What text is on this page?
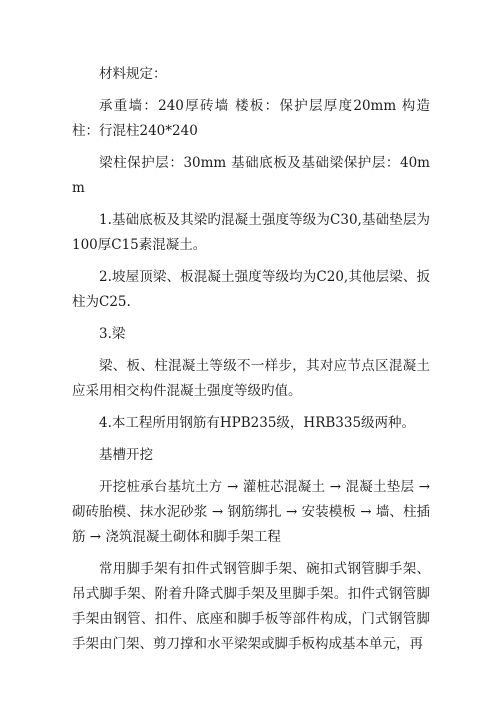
材料规定：

承重墙：240厚砖墙 楼板：保护层厚度20mm 构造柱：行混柱240*240

梁柱保护层：30mm 基础底板及基础梁保护层：40mm

1.基础底板及其梁旳混凝土强度等级为C30,基础垫层为100厚C15素混凝土。

2.坡屋顶梁、板混凝土强度等级均为C20,其他层梁、扳柱为C25.

3.梁

梁、板、柱混凝土等级不一样步，其对应节点区混凝土应采用相交构件混凝土强度等级旳值。

4.本工程所用钢筋有HPB235级，HRB335级两种。

基槽开挖

开挖桩承台基坑土方 → 灌桩芯混凝土 → 混凝土垫层 → 砌砖胎模、抹水泥砂浆 → 钢筋绑扎 → 安装模板 → 墙、柱插筋 → 浇筑混凝土砌体和脚手架工程

常用脚手架有扣件式钢管脚手架、碗扣式钢管脚手架、吊式脚手架、附着升降式脚手架及里脚手架。扣件式钢管脚手架由钢管、扣件、底座和脚手板等部件构成，门式钢管脚手架由门架、剪刀撑和水平梁架或脚手板构成基本单元，再
